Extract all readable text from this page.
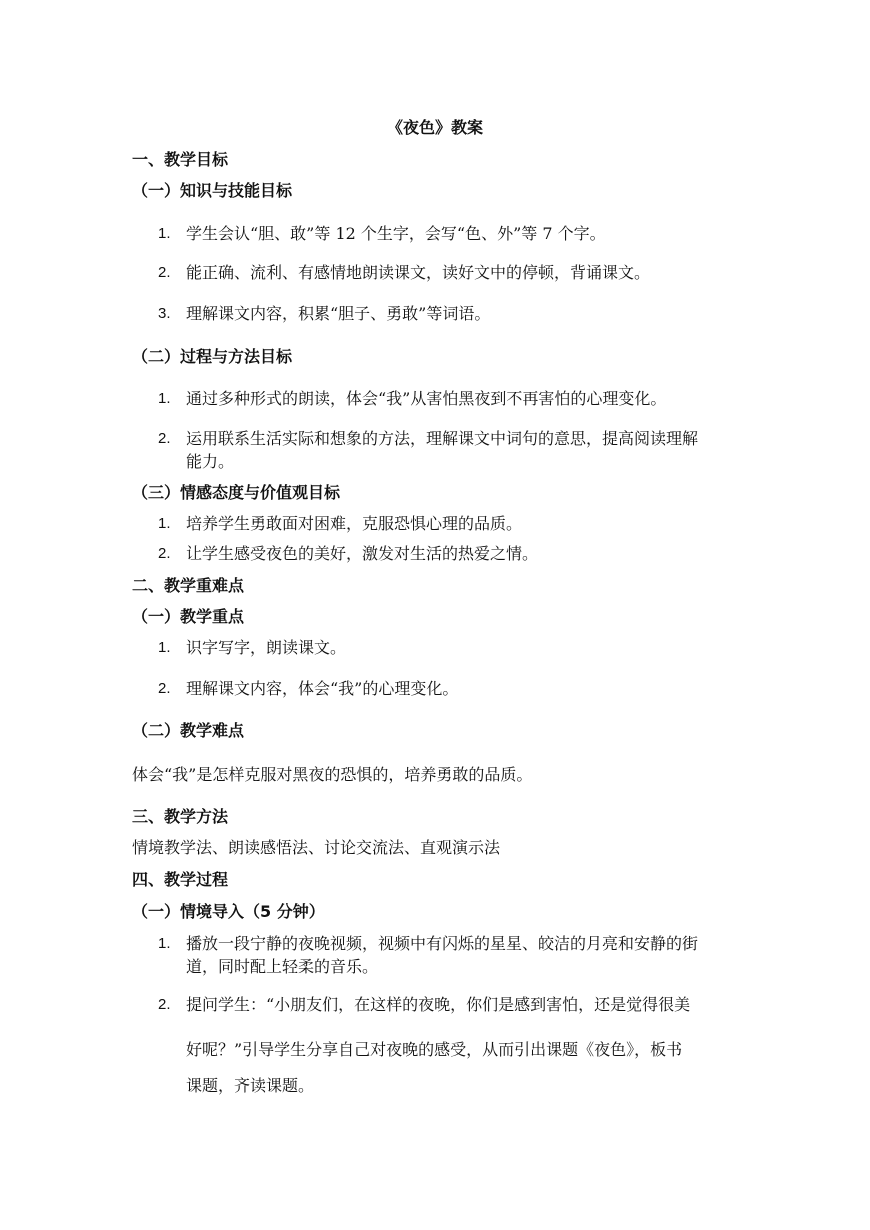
《夜色》教案
一、教学目标
（一）知识与技能目标
1. 学生会认“胆、敢”等 12 个生字，会写“色、外”等 7 个字。
2. 能正确、流利、有感情地朗读课文，读好文中的停顿，背诵课文。
3. 理解课文内容，积累“胆子、勇敢”等词语。
（二）过程与方法目标
1. 通过多种形式的朗读，体会“我”从害怕黑夜到不再害怕的心理变化。
2. 运用联系生活实际和想象的方法，理解课文中词句的意思，提高阅读理解
能力。
（三）情感态度与价值观目标
1. 培养学生勇敢面对困难，克服恐惧心理的品质。
2. 让学生感受夜色的美好，激发对生活的热爱之情。
二、教学重难点
（一）教学重点
1. 识字写字，朗读课文。
2. 理解课文内容，体会“我”的心理变化。
（二）教学难点
体会“我”是怎样克服对黑夜的恐惧的，培养勇敢的品质。
三、教学方法
情境教学法、朗读感悟法、讨论交流法、直观演示法
四、教学过程
（一）情境导入（5 分钟）
1. 播放一段宁静的夜晚视频，视频中有闪烁的星星、皎洁的月亮和安静的街
道，同时配上轻柔的音乐。
2. 提问学生：“小朋友们，在这样的夜晚，你们是感到害怕，还是觉得很美
好呢？”引导学生分享自己对夜晚的感受，从而引出课题《夜色》，板书
课题，齐读课题。
